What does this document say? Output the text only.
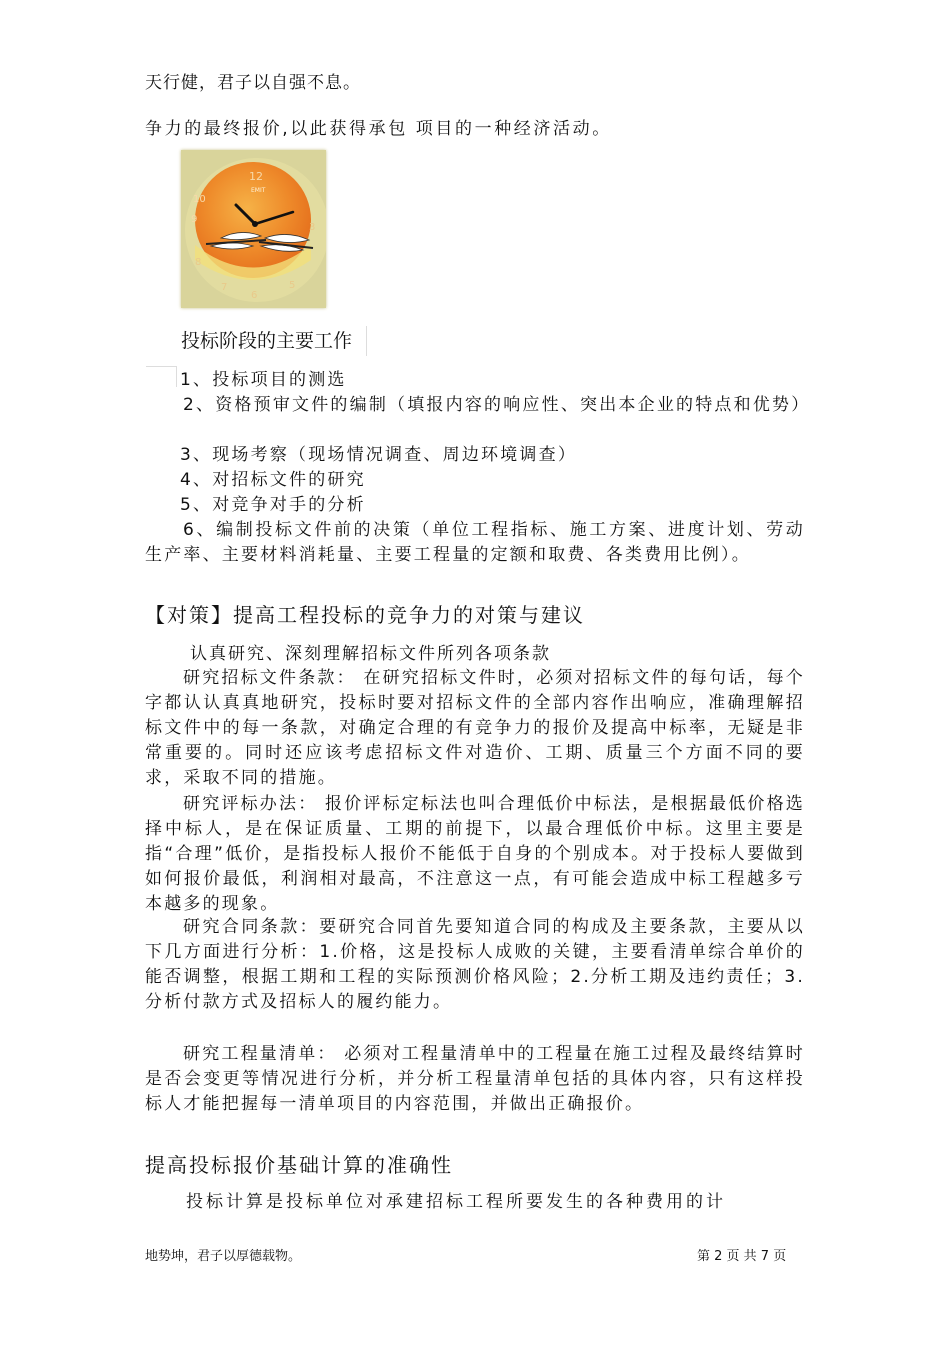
天行健，君子以自强不息。
争力的最终报价,以此获得承包 项目的一种经济活动。
12
10
9
8
7
6
5
3
EMIT
投标阶段的主要工作
1、投标项目的测选
2、资格预审文件的编制（填报内容的响应性、突出本企业的特点和优势）
3、现场考察（现场情况调查、周边环境调查）
4、对招标文件的研究
5、对竞争对手的分析
6、编制投标文件前的决策（单位工程指标、施工方案、进度计划、劳动生产率、主要材料消耗量、主要工程量的定额和取费、各类费用比例）。
【对策】提高工程投标的竞争力的对策与建议
认真研究、深刻理解招标文件所列各项条款
研究招标文件条款： 在研究招标文件时，必须对招标文件的每句话，每个字都认认真真地研究，投标时要对招标文件的全部内容作出响应，准确理解招标文件中的每一条款，对确定合理的有竞争力的报价及提高中标率，无疑是非常重要的。同时还应该考虑招标文件对造价、工期、质量三个方面不同的要求，采取不同的措施。
研究评标办法： 报价评标定标法也叫合理低价中标法，是根据最低价格选择中标人，是在保证质量、工期的前提下，以最合理低价中标。这里主要是指“合理”低价，是指投标人报价不能低于自身的个别成本。对于投标人要做到如何报价最低，利润相对最高，不注意这一点，有可能会造成中标工程越多亏本越多的现象。
研究合同条款：要研究合同首先要知道合同的构成及主要条款，主要从以下几方面进行分析：1.价格，这是投标人成败的关键，主要看清单综合单价的能否调整，根据工期和工程的实际预测价格风险；2.分析工期及违约责任；3.分析付款方式及招标人的履约能力。
研究工程量清单： 必须对工程量清单中的工程量在施工过程及最终结算时是否会变更等情况进行分析，并分析工程量清单包括的具体内容，只有这样投标人才能把握每一清单项目的内容范围，并做出正确报价。
提高投标报价基础计算的准确性
投标计算是投标单位对承建招标工程所要发生的各种费用的计
地势坤，君子以厚德载物。	第 2 页 共 7 页
